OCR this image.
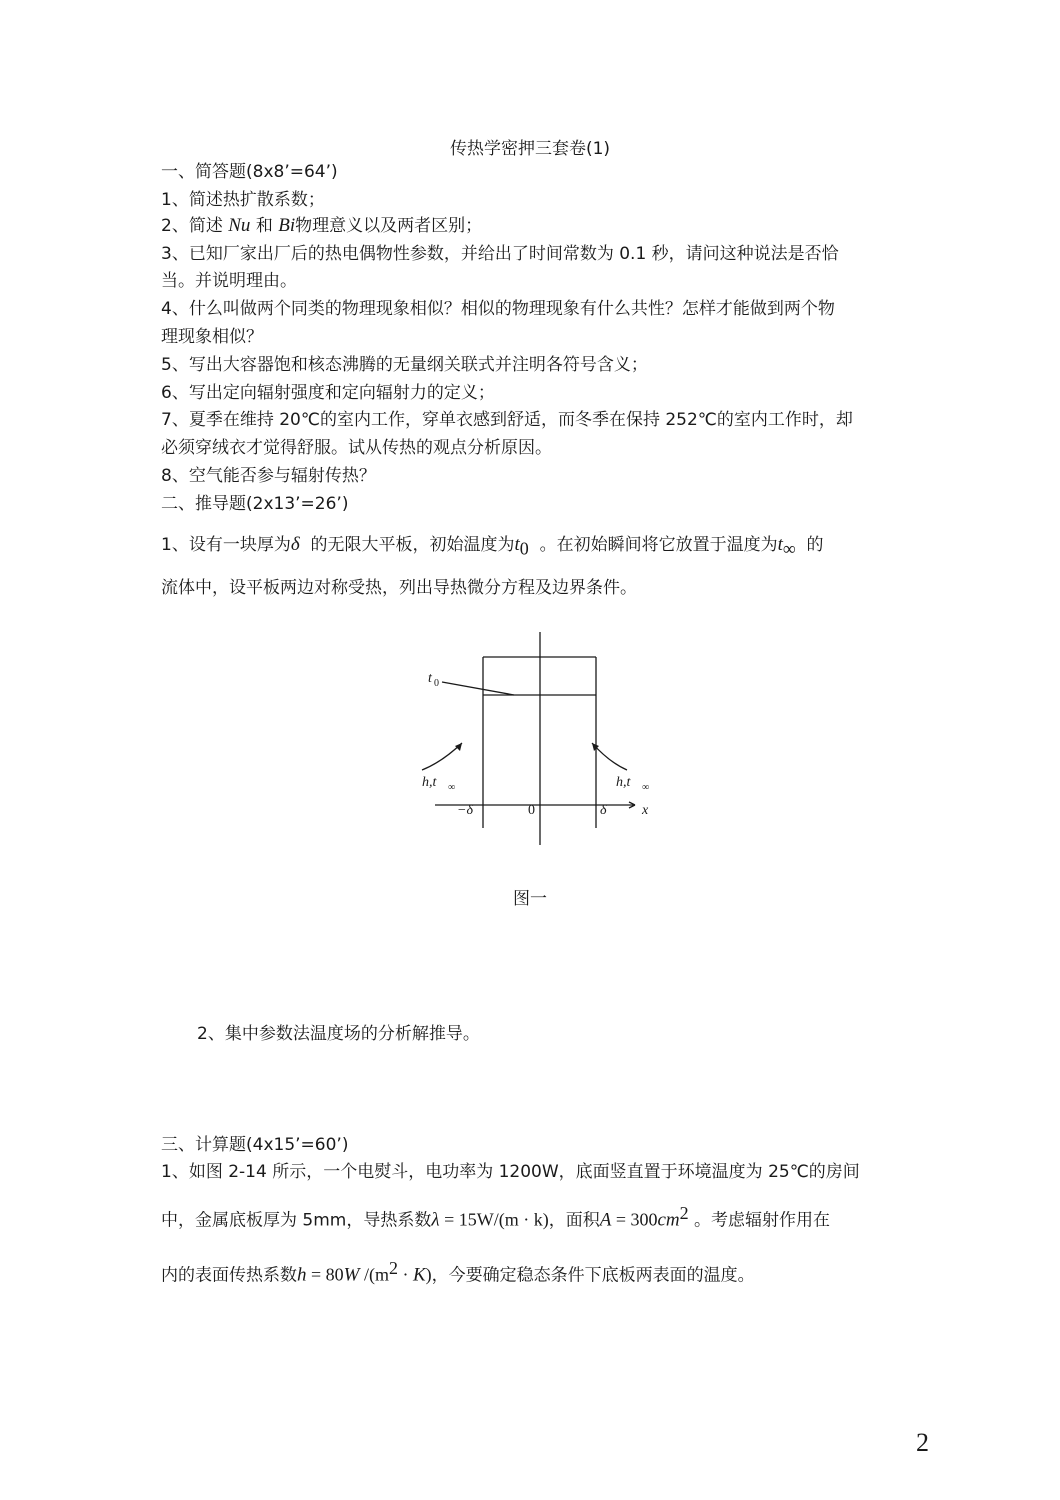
传热学密押三套卷(1)
一、简答题(8x8’=64’)
1、简述热扩散系数；
2、简述 Nu 和 Bi物理意义以及两者区别；
3、已知厂家出厂后的热电偶物性参数，并给出了时间常数为 0.1 秒，请问这种说法是否恰
当。并说明理由。
4、什么叫做两个同类的物理现象相似？相似的物理现象有什么共性？怎样才能做到两个物
理现象相似？
5、写出大容器饱和核态沸腾的无量纲关联式并注明各符号含义；
6、写出定向辐射强度和定向辐射力的定义；
7、夏季在维持 20℃的室内工作，穿单衣感到舒适，而冬季在保持 252℃的室内工作时，却
必须穿绒衣才觉得舒服。试从传热的观点分析原因。
8、空气能否参与辐射传热？
二、推导题(2x13’=26’)
1、设有一块厚为δ 的无限大平板，初始温度为$t_0$ 。在初始瞬间将它放置于温度为$t_\infty$ 的
流体中，设平板两边对称受热，列出导热微分方程及边界条件。
t 0
h,t ∞	h,t ∞
−δ	0	δ	x
图一
2、集中参数法温度场的分析解推导。
三、计算题(4x15’=60’)
1、如图 2-14 所示，一个电熨斗，电功率为 1200W，底面竖直置于环境温度为 25℃的房间
中，金属底板厚为 5mm，导热系数λ = 15W/(m · k)，面积$A = 300cm^2$ 。考虑辐射作用在
内的表面传热系数h = 80W $/(m^2 \cdot K)$，今要确定稳态条件下底板两表面的温度。
2
